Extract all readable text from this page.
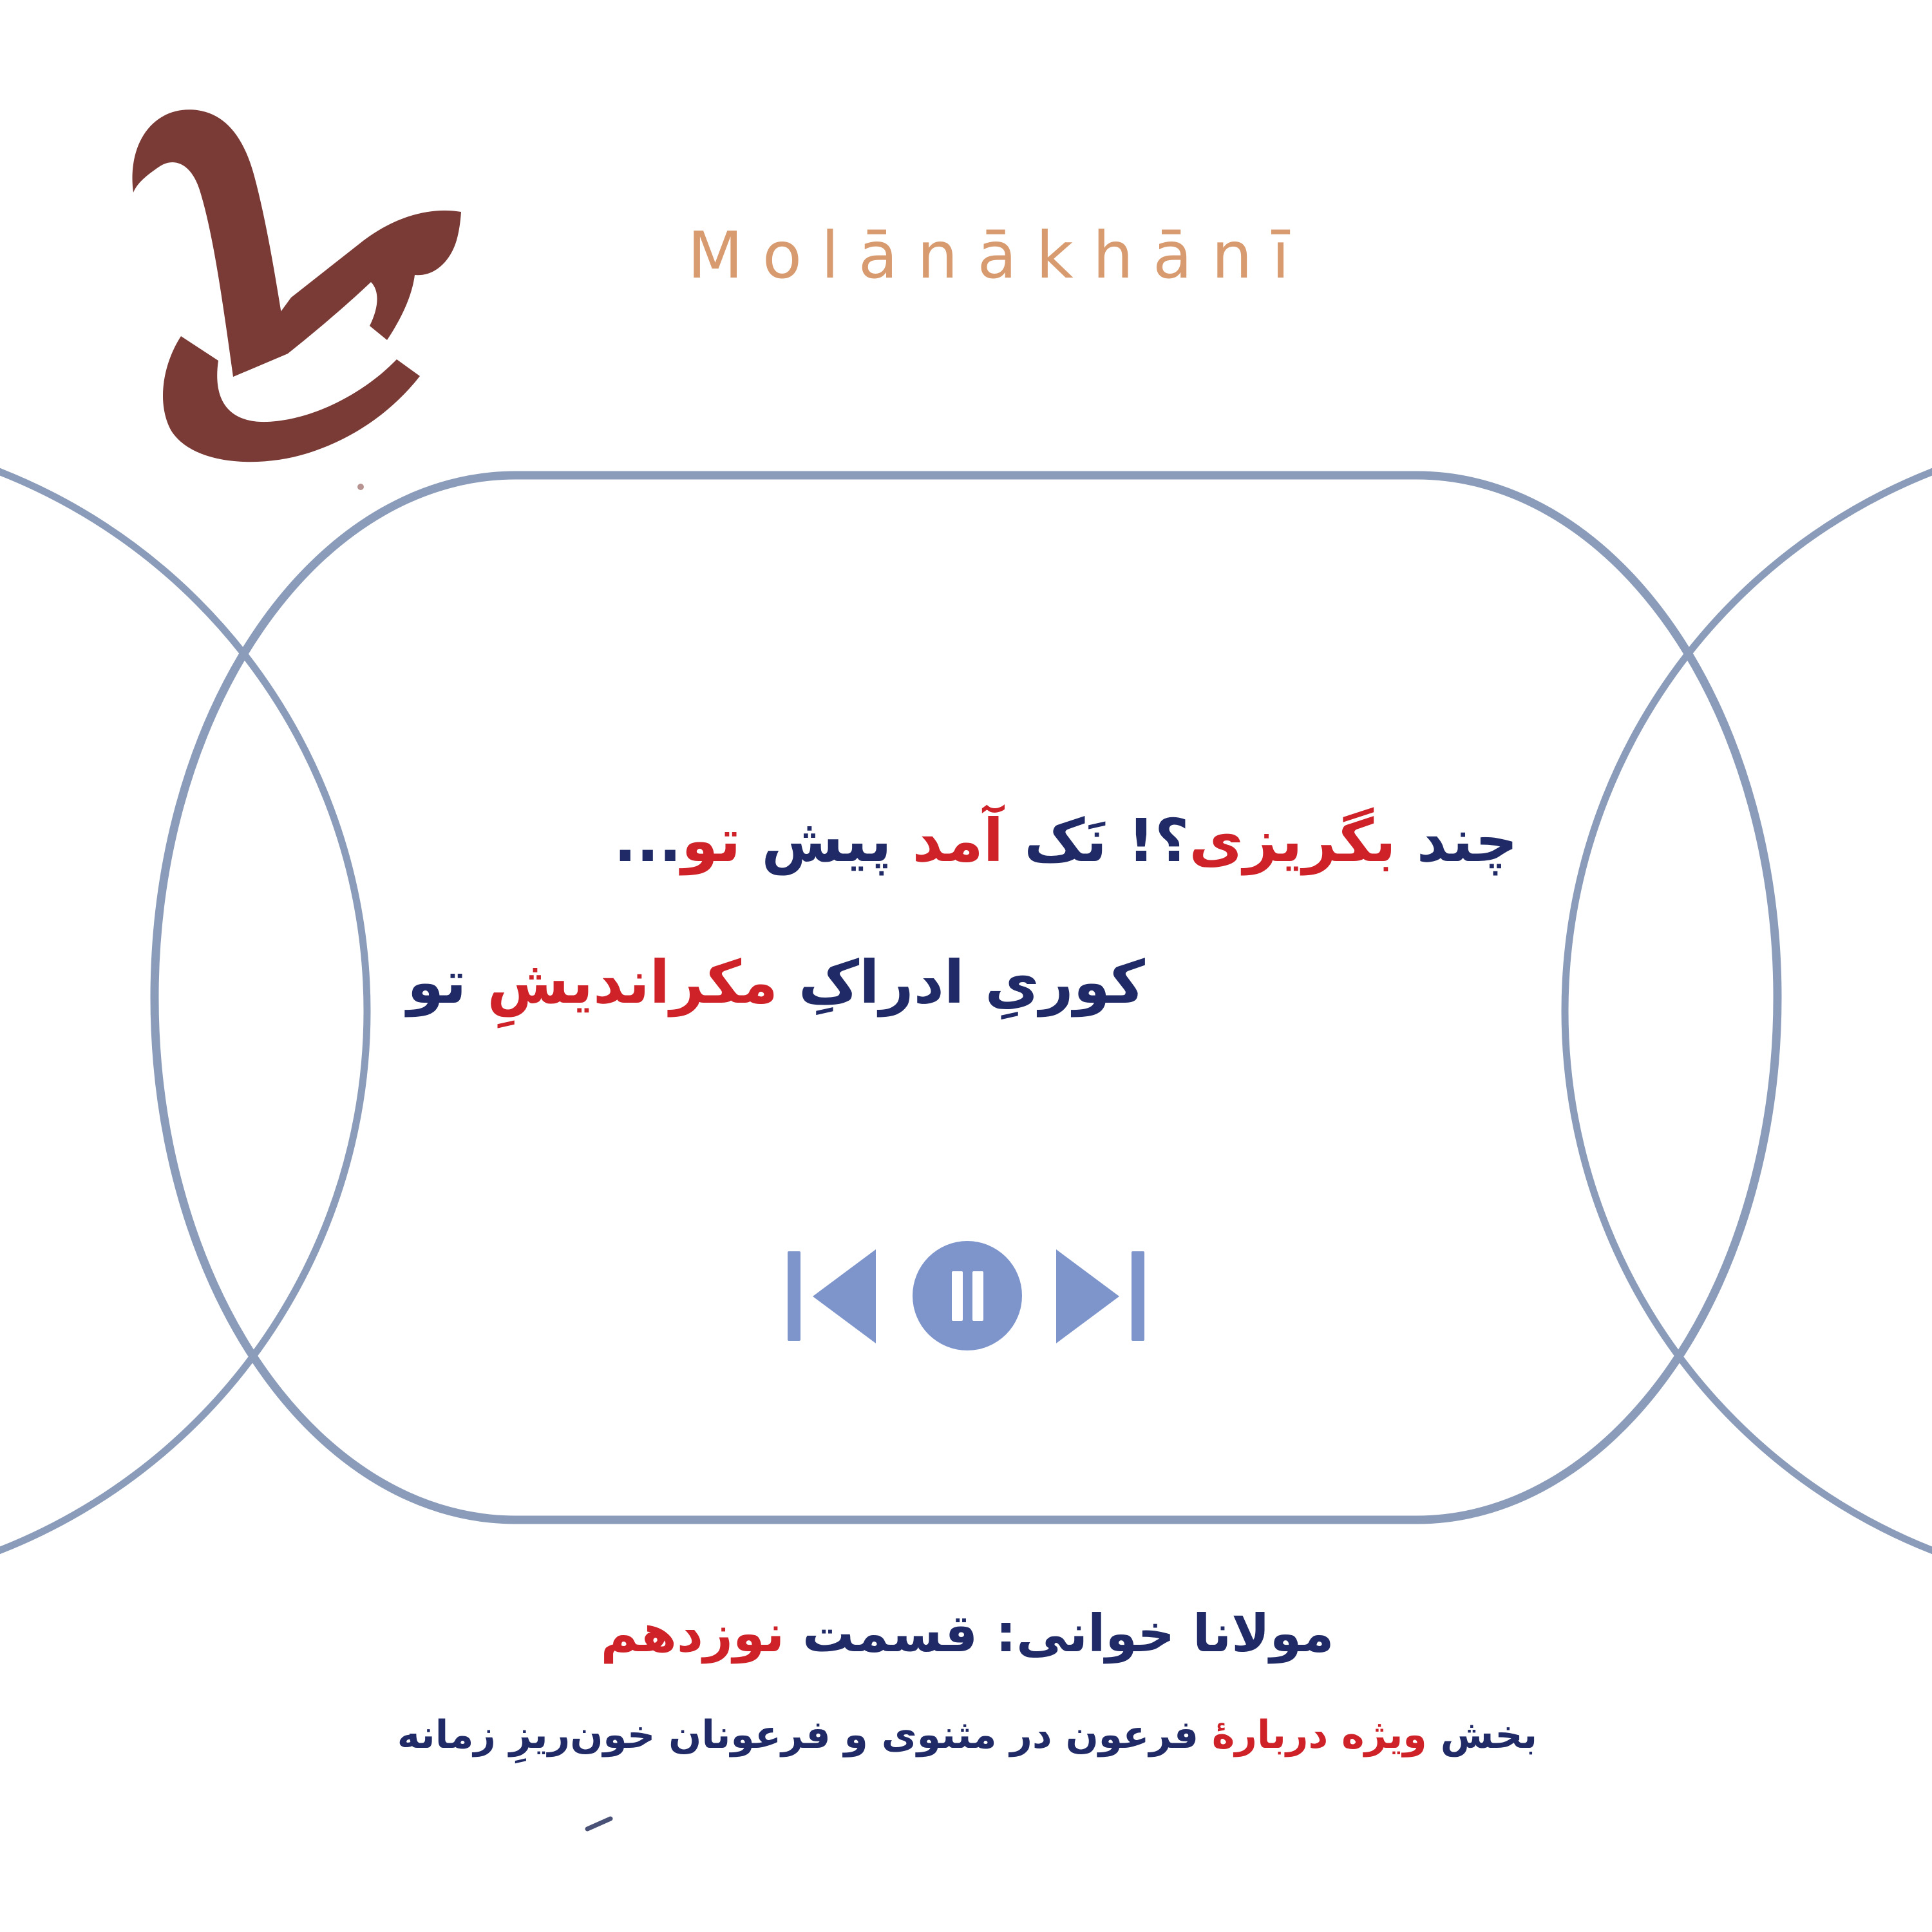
Molānākhānī
چند بگریزی؟! نَک آمد پیش تو...
کوریِ ادراکِ مکراندیشِ تو
مولانا خوانی: قسمت نوزدهم
بخش ویژه دربارهٔ فرعون در مثنوی و فرعونان خون‌ریزِ زمانه
